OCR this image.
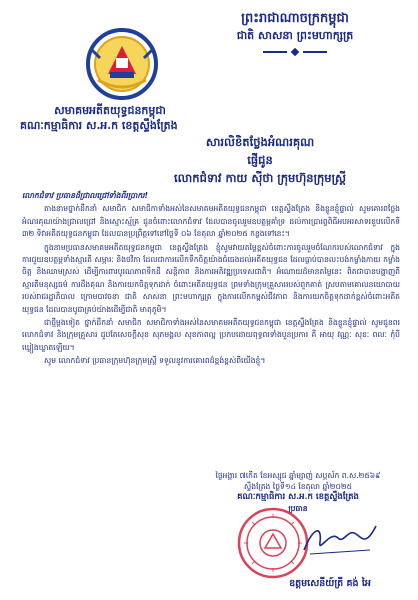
ព្រះរាជាណាចក្រកម្ពុជា
ជាតិ សាសនា ព្រះមហាក្សត្រ
សមាគមអតីតយុទ្ធជនកម្ពុជា
គណៈកម្មាធិការ ស.អ.ក ខេត្តស្ទឹងត្រែង
សារលិខិតថ្លែងអំណរគុណ
ផ្ញើជូន
លោកជំទាវ កាយ ស៊ីថា ក្រុមហ៊ុនក្រុមស្រ្តី

លោកជំទាវ ប្រធានដ៏ជ្រាលជ្រៅទាំងពីរប្រាករ!

តាងនាមថ្នាក់ដឹកនាំ សមាជិក សមាជិកាទាំងអស់នៃសមាគមអតីតយុទ្ធជនកម្ពុជា ខេត្តស្ទឹងត្រែង និងខ្លួនខ្ញុំផ្ទាល់ សូមគោរពថ្លែងអំណរគុណយ៉ាងជ្រាលជ្រៅ និងស្មោះស្ម័គ្រ ជូនចំពោះលោកជំទាវ ដែលបានចូលរួមឧបត្ថម្ភគាំទ្រ ដល់ការប្រារព្ធពិធីអបអរសាទរខួបលើកទី ៣២ ទិវាអតីតយុទ្ធជនកម្ពុជា ដែលបានប្រព្រឹត្តទៅនៅថ្ងៃទី ០៦ ខែតុលា ឆ្នាំ២០២៥ កន្លងទៅនេះ។

ក្នុងនាមប្រធានសមាគមអតីតយុទ្ធជនកម្ពុជា ខេត្តស្ទឹងត្រែង ខ្ញុំសូមវាយតម្លៃខ្ពស់ចំពោះការចូលរួមចំណែករបស់លោកជំទាវ ក្នុងការជួយឧបត្ថម្ភទាំងស្មារតី សម្ភារៈ និងថវិកា ដែលជាការលើកទឹកចិត្តយ៉ាងធំធេងដល់អតីតយុទ្ធជន ដែលធ្លាប់បានលះបង់កម្លាំងកាយ កម្លាំងចិត្ត និងឈាមស្រស់ ដើម្បីការពារបូរណភាពទឹកដី សន្តិភាព និងការអភិវឌ្ឍប្រទេសជាតិ។ អំណោយដ៏មានតម្លៃនេះ ពិតជាបានបង្ហាញពីស្មារតីមនុស្សធម៌ ការដឹងគុណ និងការយកចិត្តទុកដាក់ ចំពោះអតីតយុទ្ធជន ព្រមទាំងក្រុមគ្រួសាររបស់ពួកគាត់ ស្របតាមគោលនយោបាយរបស់រាជរដ្ឋាភិបាល ក្រោមបាវចនា ជាតិ សាសនា ព្រះមហាក្សត្រ ក្នុងការលើកកម្ពស់ជីវភាព និងការយកចិត្តទុកដាក់ខ្ពស់ចំពោះអតីតយុទ្ធជន ដែលបានបូជាគ្រប់យ៉ាងដើម្បីជាតិ មាតុភូមិ។

ជាថ្មីម្តងទៀត ថ្នាក់ដឹកនាំ សមាជិក សមាជិកាទាំងអស់នៃសមាគមអតីតយុទ្ធជនកម្ពុជា ខេត្តស្ទឹងត្រែង និងខ្លួនខ្ញុំផ្ទាល់ សូមជូនពរលោកជំទាវ និងក្រុមគ្រួសារ ជួបតែសេចក្តីសុខ សុភមង្គល សុខភាពល្អ ប្រកបដោយពុទ្ធពរទាំងបួនប្រការ គឺ អាយុ វណ្ណៈ សុខៈ ពលៈ កុំបីឃ្លៀងឃ្លាតឡើយ។

សូម លោកជំទាវ ប្រធានក្រុមហ៊ុនក្រុមស្រ្តី ទទួលនូវការគោរពដ៏ខ្ពង់ខ្ពស់ពីយើងខ្ញុំ។

ថ្ងៃអង្គារ ៧កើត ខែអស្សុជ ឆ្នាំម្សាញ់ សប្តស័ក ព.ស.២៥៦៩
ស្ទឹងត្រែង ថ្ងៃទី១៤ ខែតុលា ឆ្នាំ២០២៥
គណៈកម្មាធិការ ស.អ.ក ខេត្តស្ទឹងត្រែង
ប្រធាន
ឧត្តមសេនីយ៍ត្រី គង់ អៃ
